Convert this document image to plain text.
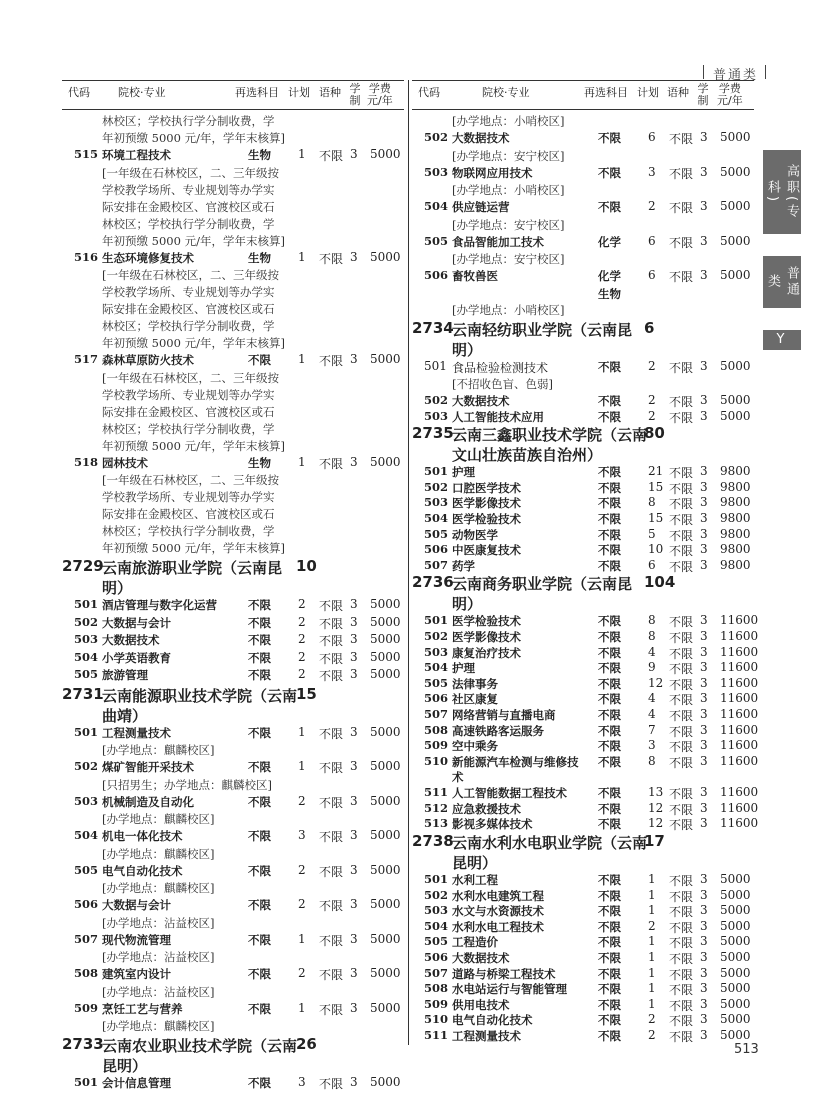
普通类
代码	院校·专业	再选科目 计划 语种 学
制
学费
元/年
代码	院校·专业	再选科目 计划 语种 学
制
学费
元/年
林校区；学校执行学分制收费，学
年初预缴 5000 元/年，学年末核算]
515 环境工程技术	生物 1 不限 3 5000
[一年级在石林校区，二、三年级按
学校教学场所、专业规划等办学实
际安排在金殿校区、官渡校区或石
林校区；学校执行学分制收费，学
年初预缴 5000 元/年，学年末核算]
516 生态环境修复技术	生物 1 不限 3 5000
[一年级在石林校区，二、三年级按
学校教学场所、专业规划等办学实
际安排在金殿校区、官渡校区或石
林校区；学校执行学分制收费，学
年初预缴 5000 元/年，学年末核算]
517 森林草原防火技术	不限 1 不限 3 5000
[一年级在石林校区，二、三年级按
学校教学场所、专业规划等办学实
际安排在金殿校区、官渡校区或石
林校区；学校执行学分制收费，学
年初预缴 5000 元/年，学年末核算]
518 园林技术	生物 1 不限 3 5000
[一年级在石林校区，二、三年级按
学校教学场所、专业规划等办学实
际安排在金殿校区、官渡校区或石
林校区；学校执行学分制收费，学
年初预缴 5000 元/年，学年末核算]
2729
云南旅游职业学院（云南昆 10
明）
501 酒店管理与数字化运营	不限 2 不限 3 5000
502 大数据与会计	不限 2 不限 3 5000
503 大数据技术	不限 2 不限 3 5000
504 小学英语教育	不限 2 不限 3 5000
505 旅游管理	不限 2 不限 3 5000
2731
云南能源职业技术学院（云南
15
曲靖）
501 工程测量技术	不限 1 不限 3 5000
[办学地点：麒麟校区]
502 煤矿智能开采技术	不限 1 不限 3 5000
[只招男生；办学地点：麒麟校区]
503 机械制造及自动化	不限 2 不限 3 5000
[办学地点：麒麟校区]
504 机电一体化技术	不限 3 不限 3 5000
[办学地点：麒麟校区]
505 电气自动化技术	不限 2 不限 3 5000
[办学地点：麒麟校区]
506 大数据与会计	不限 2 不限 3 5000
[办学地点：沾益校区]
507 现代物流管理	不限 1 不限 3 5000
[办学地点：沾益校区]
508 建筑室内设计	不限 2 不限 3 5000
[办学地点：沾益校区]
509 烹饪工艺与营养	不限 1 不限 3 5000
[办学地点：麒麟校区]
2733
云南农业职业技术学院（云南
26
昆明）
501 会计信息管理	不限 3 不限 3 5000
[办学地点：小哨校区]
502 大数据技术	不限 6 不限 3 5000
[办学地点：安宁校区]
503 物联网应用技术	不限 3 不限 3 5000
[办学地点：小哨校区]
504 供应链运营	不限 2 不限 3 5000
[办学地点：安宁校区]
505 食品智能加工技术	化学 6 不限 3 5000
[办学地点：安宁校区]
506 畜牧兽医	化学 6 不限 3 5000
生物
[办学地点：小哨校区]
2734
云南轻纺职业学院（云南昆 6
明）
501 食品检验检测技术	不限 2 不限 3 5000
[不招收色盲、色弱]
502 大数据技术	不限 2 不限 3 5000
503 人工智能技术应用	不限 2 不限 3 5000
2735
云南三鑫职业技术学院（云南
80
文山壮族苗族自治州）
501 护理	不限 21 不限 3 9800
502 口腔医学技术	不限 15 不限 3 9800
503 医学影像技术	不限 8 不限 3 9800
504 医学检验技术	不限 15 不限 3 9800
505 动物医学	不限 5 不限 3 9800
506 中医康复技术	不限 10 不限 3 9800
507 药学	不限 6 不限 3 9800
2736
云南商务职业学院（云南昆 104
明）
501 医学检验技术	不限 8 不限 3 11600
502 医学影像技术	不限 8 不限 3 11600
503 康复治疗技术	不限 4 不限 3 11600
504 护理	不限 9 不限 3 11600
505 法律事务	不限 12 不限 3 11600
506 社区康复	不限 4 不限 3 11600
507 网络营销与直播电商	不限 4 不限 3 11600
508 高速铁路客运服务	不限 7 不限 3 11600
509 空中乘务	不限 3 不限 3 11600
510 新能源汽车检测与维修技 不限 8 不限 3 11600
术
511 人工智能数据工程技术	不限 13 不限 3 11600
512 应急救援技术	不限 12 不限 3 11600
513 影视多媒体技术	不限 12 不限 3 11600
2738
云南水利水电职业学院（云南
17
昆明）
501 水利工程	不限 1 不限 3 5000
502 水利水电建筑工程	不限 1 不限 3 5000
503 水文与水资源技术	不限 1 不限 3 5000
504 水利水电工程技术	不限 2 不限 3 5000
505 工程造价	不限 1 不限 3 5000
506 大数据技术	不限 1 不限 3 5000
507 道路与桥梁工程技术	不限 1 不限 3 5000
508 水电站运行与智能管理	不限 1 不限 3 5000
509 供用电技术	不限 1 不限 3 5000
510 电气自动化技术	不限 2 不限 3 5000
511 工程测量技术	不限 2 不限 3 5000
高职(专科)
普通类
Y
513
